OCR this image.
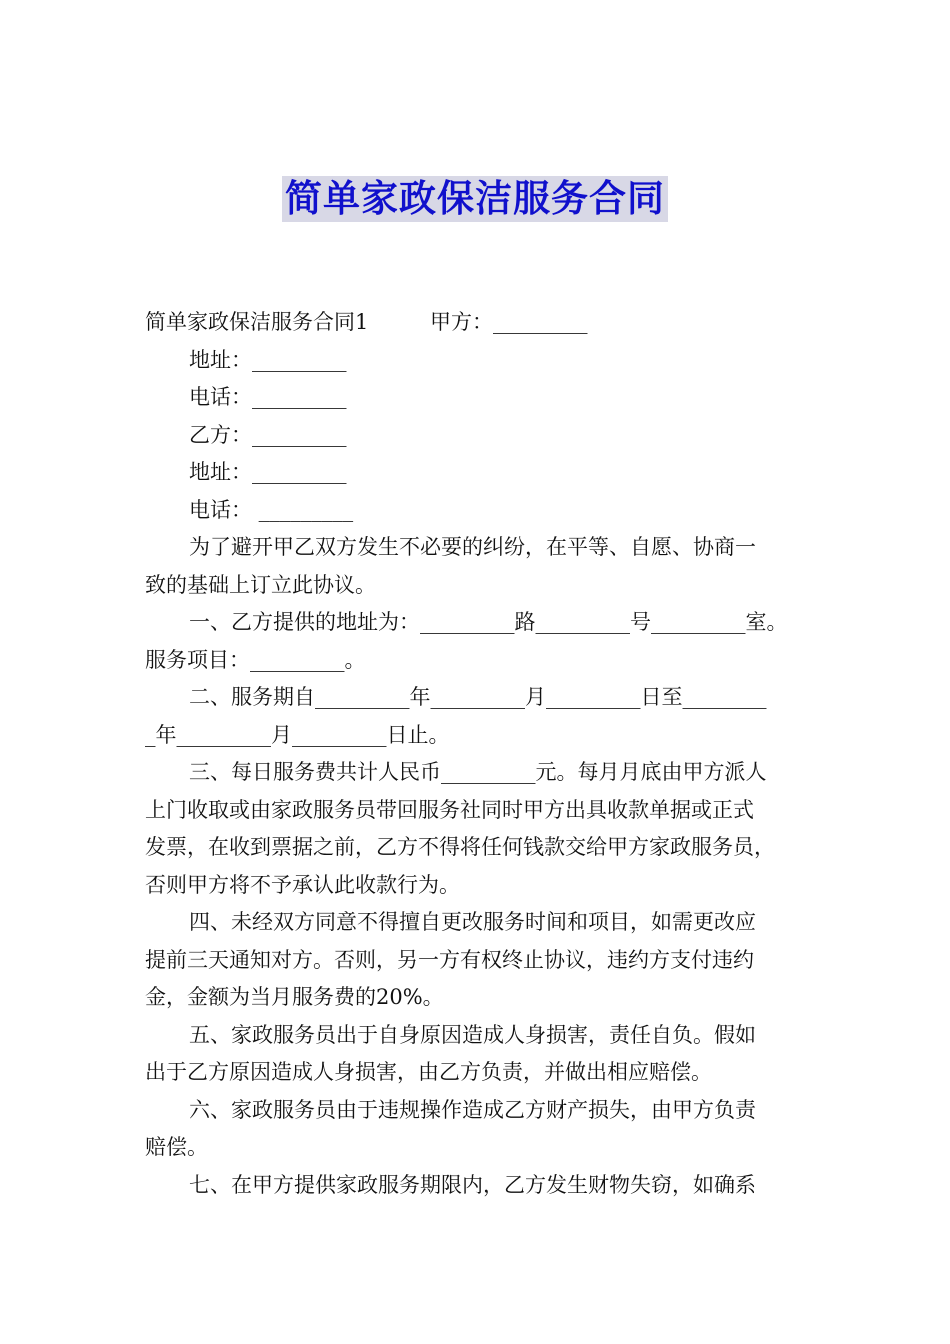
简单家政保洁服务合同
简单家政保洁服务合同1	甲方：_________
地址：_________
电话：_________
乙方：_________
地址：_________
电话： _________
为了避开甲乙双方发生不必要的纠纷，在平等、自愿、协商一
致的基础上订立此协议。
一、乙方提供的地址为：_________路_________号_________室。
服务项目：_________。
二、服务期自_________年_________月_________日至________
_年_________月_________日止。
三、每日服务费共计人民币_________元。每月月底由甲方派人
上门收取或由家政服务员带回服务社同时甲方出具收款单据或正式
发票，在收到票据之前，乙方不得将任何钱款交给甲方家政服务员，
否则甲方将不予承认此收款行为。
四、未经双方同意不得擅自更改服务时间和项目，如需更改应
提前三天通知对方。否则，另一方有权终止协议，违约方支付违约
金，金额为当月服务费的20%。
五、家政服务员出于自身原因造成人身损害，责任自负。假如
出于乙方原因造成人身损害，由乙方负责，并做出相应赔偿。
六、家政服务员由于违规操作造成乙方财产损失，由甲方负责
赔偿。
七、在甲方提供家政服务期限内，乙方发生财物失窃，如确系
